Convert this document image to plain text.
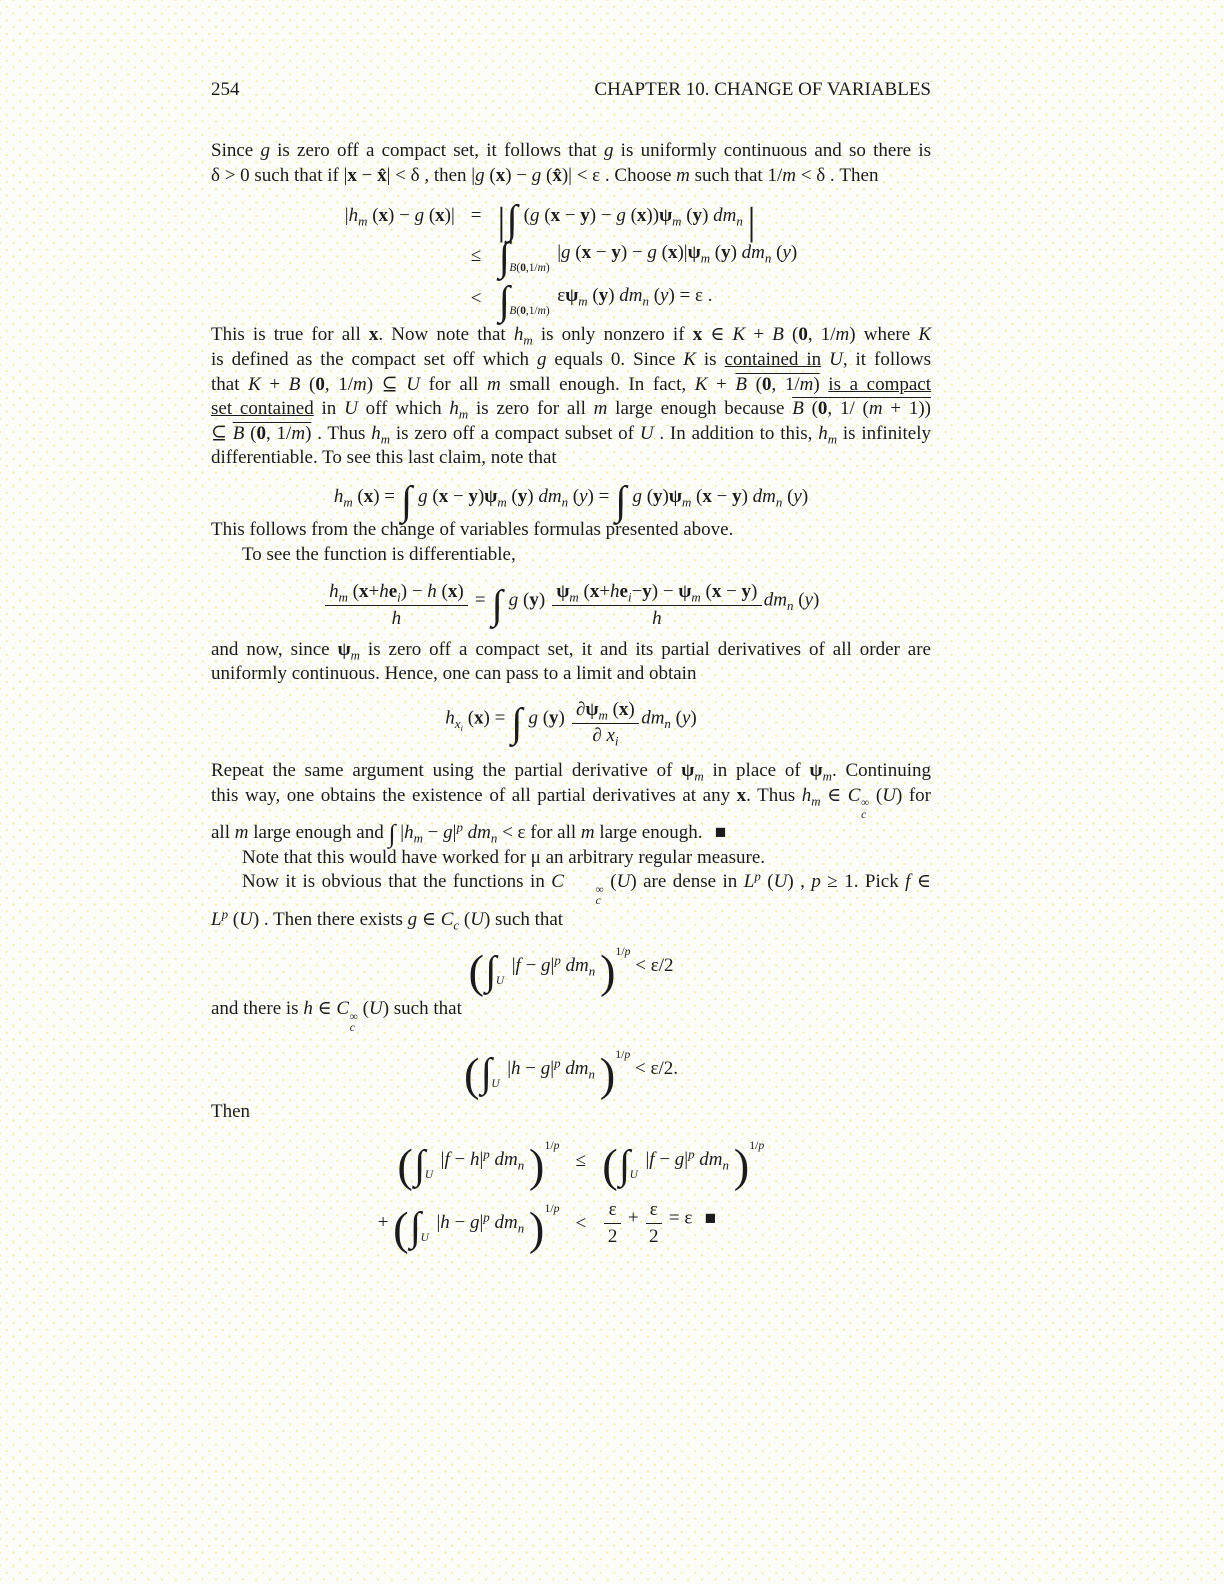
254	CHAPTER 10. CHANGE OF VARIABLES
Since g is zero off a compact set, it follows that g is uniformly continuous and so there is
δ > 0 such that if |x − x̂| < δ , then |g (x) − g (x̂)| < ε . Choose m such that 1/m < δ . Then
$|h_m$ (x) − g (x)| = |∫ (g (x − y) − g $(x))\psi_m$ (y) $dm_n$ |
≤ ∫B(0,1/m) |g (x − y) − g $(x)|\psi_m$ (y) $dm_n$ (y)
< ∫B(0,1/m) $\varepsilon\psi_m$ (y) $dm_n$ (y) = ε .
This is true for all x. Now note that $h_m$ is only nonzero if x ∈ K + B (0, 1/m) where K
is defined as the compact set off which g equals 0. Since K is contained in U, it follows
that K + B (0, 1/m) ⊆ U for all m small enough. In fact, K + B (0, 1/m) is a compact
set contained in U off which $h_m$ is zero for all m large enough because B (0, 1/ (m + 1))
⊆ B (0, 1/m) . Thus $h_m$ is zero off a compact subset of U . In addition to this, $h_m$ is infinitely
differentiable. To see this last claim, note that
$h_m$ (x) = ∫ g $(x - y)\psi_m$ (y) $dm_n$ (y) = ∫ g $(y)\psi_m$ (x − y) $dm_n$ (y)
This follows from the change of variables formulas presented above.
To see the function is differentiable,
$\frac{h_m (x+he_i) - h (x)}{h}$ = ∫ g $(y) \frac{\psi_m (x+he_i-y) - \psi_m (x - y)}{h} dm_n$ (y)
and now, since $\psi_m$ is zero off a compact set, it and its partial derivatives of all order are
uniformly continuous. Hence, one can pass to a limit and obtain
$h_{x_i}$ (x) = ∫ g $(y) \frac{\partial\psi_m (x)}{\partial x_i} dm_n$ (y)
Repeat the same argument using the partial derivative of $\psi_m$ in place of $\psi_m$. Continuing
this way, one obtains the existence of all partial derivatives at any x. Thus $h_m$ ∈ C ∞
c
(U) for
all m large enough and ∫ $|h_m - g|^p$ $dm_n < \varepsilon$ for all m large enough. ■
Note that this would have worked for μ an arbitrary regular measure.
Now it is obvious that the functions in C	∞
c
(U) are dense in $L^p$ (U) , p ≥ 1. Pick f ∈
$L^p$ (U) . Then there exists g ∈ $C_c$ (U) such that
(∫U $|f - g|^p$ $dm_n$ )$^{1/p}$ < ε/2
and there is h ∈ C ∞
c
(U) such that
(∫U $|h - g|^p$ $dm_n$ )$^{1/p}$ < ε/2.
Then
(∫U $|f - h|^p$ $dm_n$ )$^{1/p}$
≤ (∫U $|f - g|^p$ $dm_n$ )$^{1/p}$
+ (∫U $|h - g|^p$ $dm_n$ )$^{1/p}$
< $\frac{\varepsilon}{2} + \frac{\varepsilon}{2} = \varepsilon$ ■
